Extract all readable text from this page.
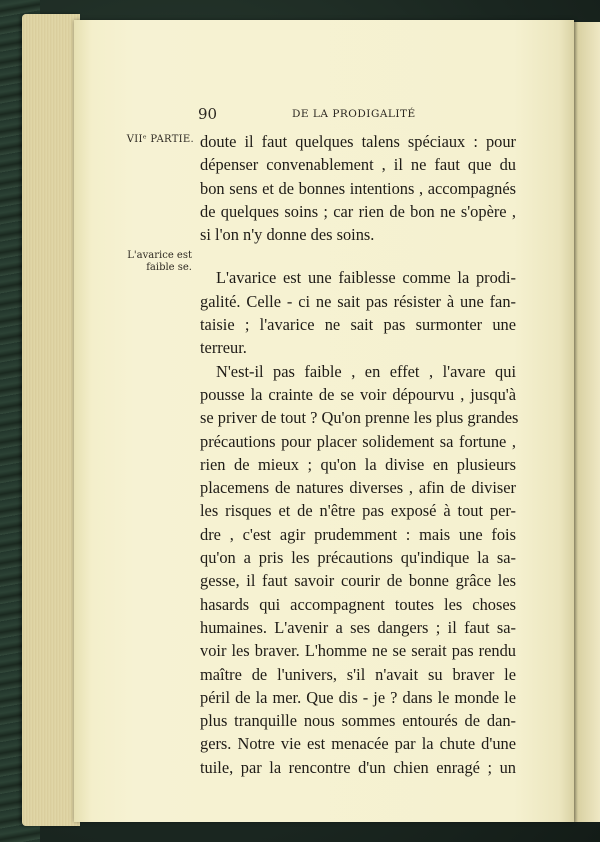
90	DE LA PRODIGALITÉ
VIIᵉ PARTIE.
L'avarice est
faible se.
doute il faut quelques talens spéciaux : pour
dépenser convenablement , il ne faut que du
bon sens et de bonnes intentions , accompagnés
de quelques soins ; car rien de bon ne s'opère ,
si l'on n'y donne des soins.
L'avarice est une faiblesse comme la prodi-
galité. Celle - ci ne sait pas résister à une fan-
taisie ; l'avarice ne sait pas surmonter une
terreur.
N'est-il pas faible , en effet , l'avare qui
pousse la crainte de se voir dépourvu , jusqu'à
se priver de tout ? Qu'on prenne les plus grandes
précautions pour placer solidement sa fortune ,
rien de mieux ; qu'on la divise en plusieurs
placemens de natures diverses , afin de diviser
les risques et de n'être pas exposé à tout per-
dre , c'est agir prudemment : mais une fois
qu'on a pris les précautions qu'indique la sa-
gesse, il faut savoir courir de bonne grâce les
hasards qui accompagnent toutes les choses
humaines. L'avenir a ses dangers ; il faut sa-
voir les braver. L'homme ne se serait pas rendu
maître de l'univers, s'il n'avait su braver le
péril de la mer. Que dis - je ? dans le monde le
plus tranquille nous sommes entourés de dan-
gers. Notre vie est menacée par la chute d'une
tuile, par la rencontre d'un chien enragé ; un
